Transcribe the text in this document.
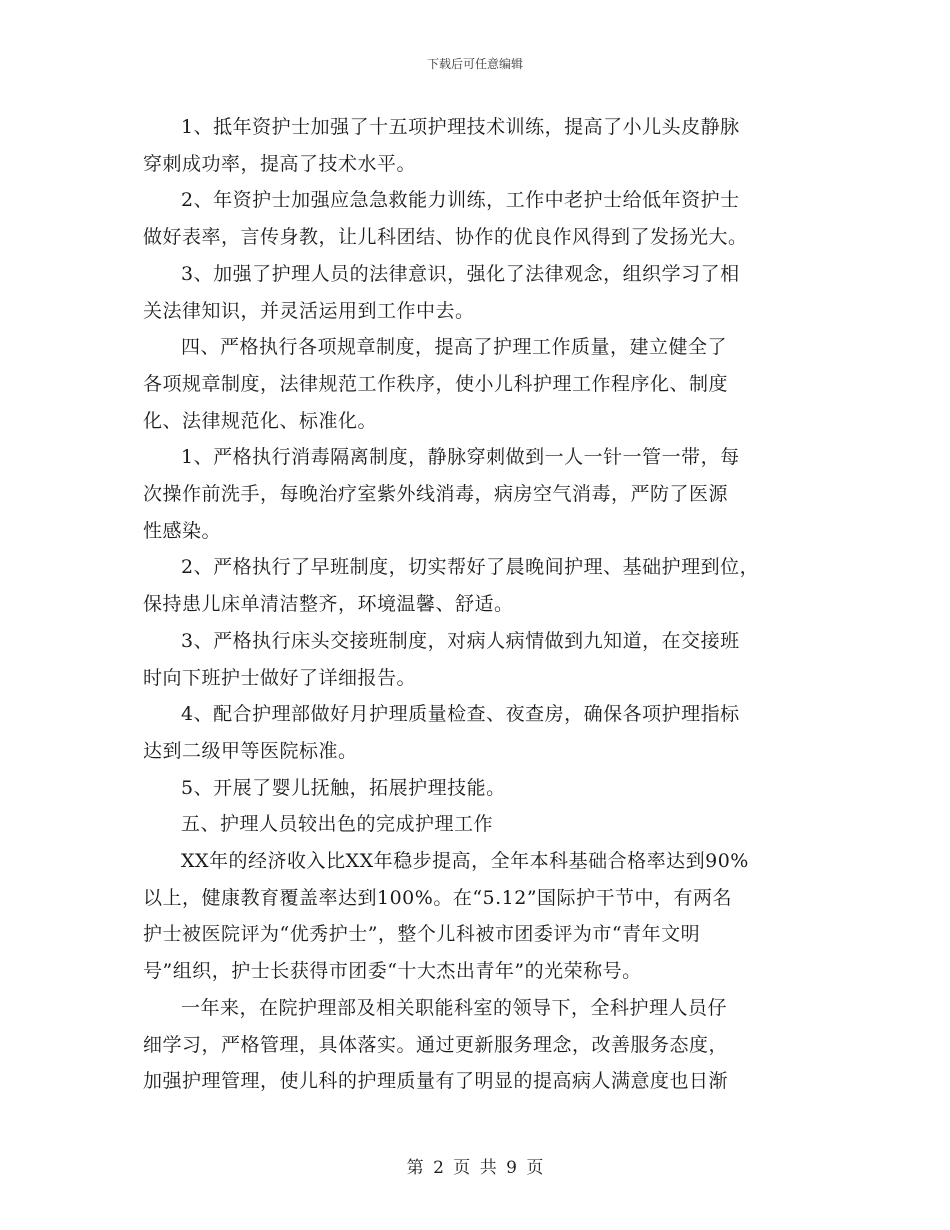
下载后可任意编辑
1、抵年资护士加强了十五项护理技术训练，提高了小儿头皮静脉
穿刺成功率，提高了技术水平。
2、年资护士加强应急急救能力训练，工作中老护士给低年资护士
做好表率，言传身教，让儿科团结、协作的优良作风得到了发扬光大。
3、加强了护理人员的法律意识，强化了法律观念，组织学习了相
关法律知识，并灵活运用到工作中去。
四、严格执行各项规章制度，提高了护理工作质量，建立健全了
各项规章制度，法律规范工作秩序，使小儿科护理工作程序化、制度
化、法律规范化、标准化。
1、严格执行消毒隔离制度，静脉穿刺做到一人一针一管一带，每
次操作前洗手，每晚治疗室紫外线消毒，病房空气消毒，严防了医源
性感染。
2、严格执行了早班制度，切实帮好了晨晚间护理、基础护理到位，
保持患儿床单清洁整齐，环境温馨、舒适。
3、严格执行床头交接班制度，对病人病情做到九知道，在交接班
时向下班护士做好了详细报告。
4、配合护理部做好月护理质量检查、夜查房，确保各项护理指标
达到二级甲等医院标准。
5、开展了婴儿抚触，拓展护理技能。
五、护理人员较出色的完成护理工作
XX年的经济收入比XX年稳步提高，全年本科基础合格率达到90%
以上，健康教育覆盖率达到100%。在“5.12”国际护干节中，有两名
护士被医院评为“优秀护士”，整个儿科被市团委评为市“青年文明
号”组织，护士长获得市团委“十大杰出青年”的光荣称号。
一年来，在院护理部及相关职能科室的领导下，全科护理人员仔
细学习，严格管理，具体落实。通过更新服务理念，改善服务态度，
加强护理管理，使儿科的护理质量有了明显的提高病人满意度也日渐
第 2 页 共 9 页
